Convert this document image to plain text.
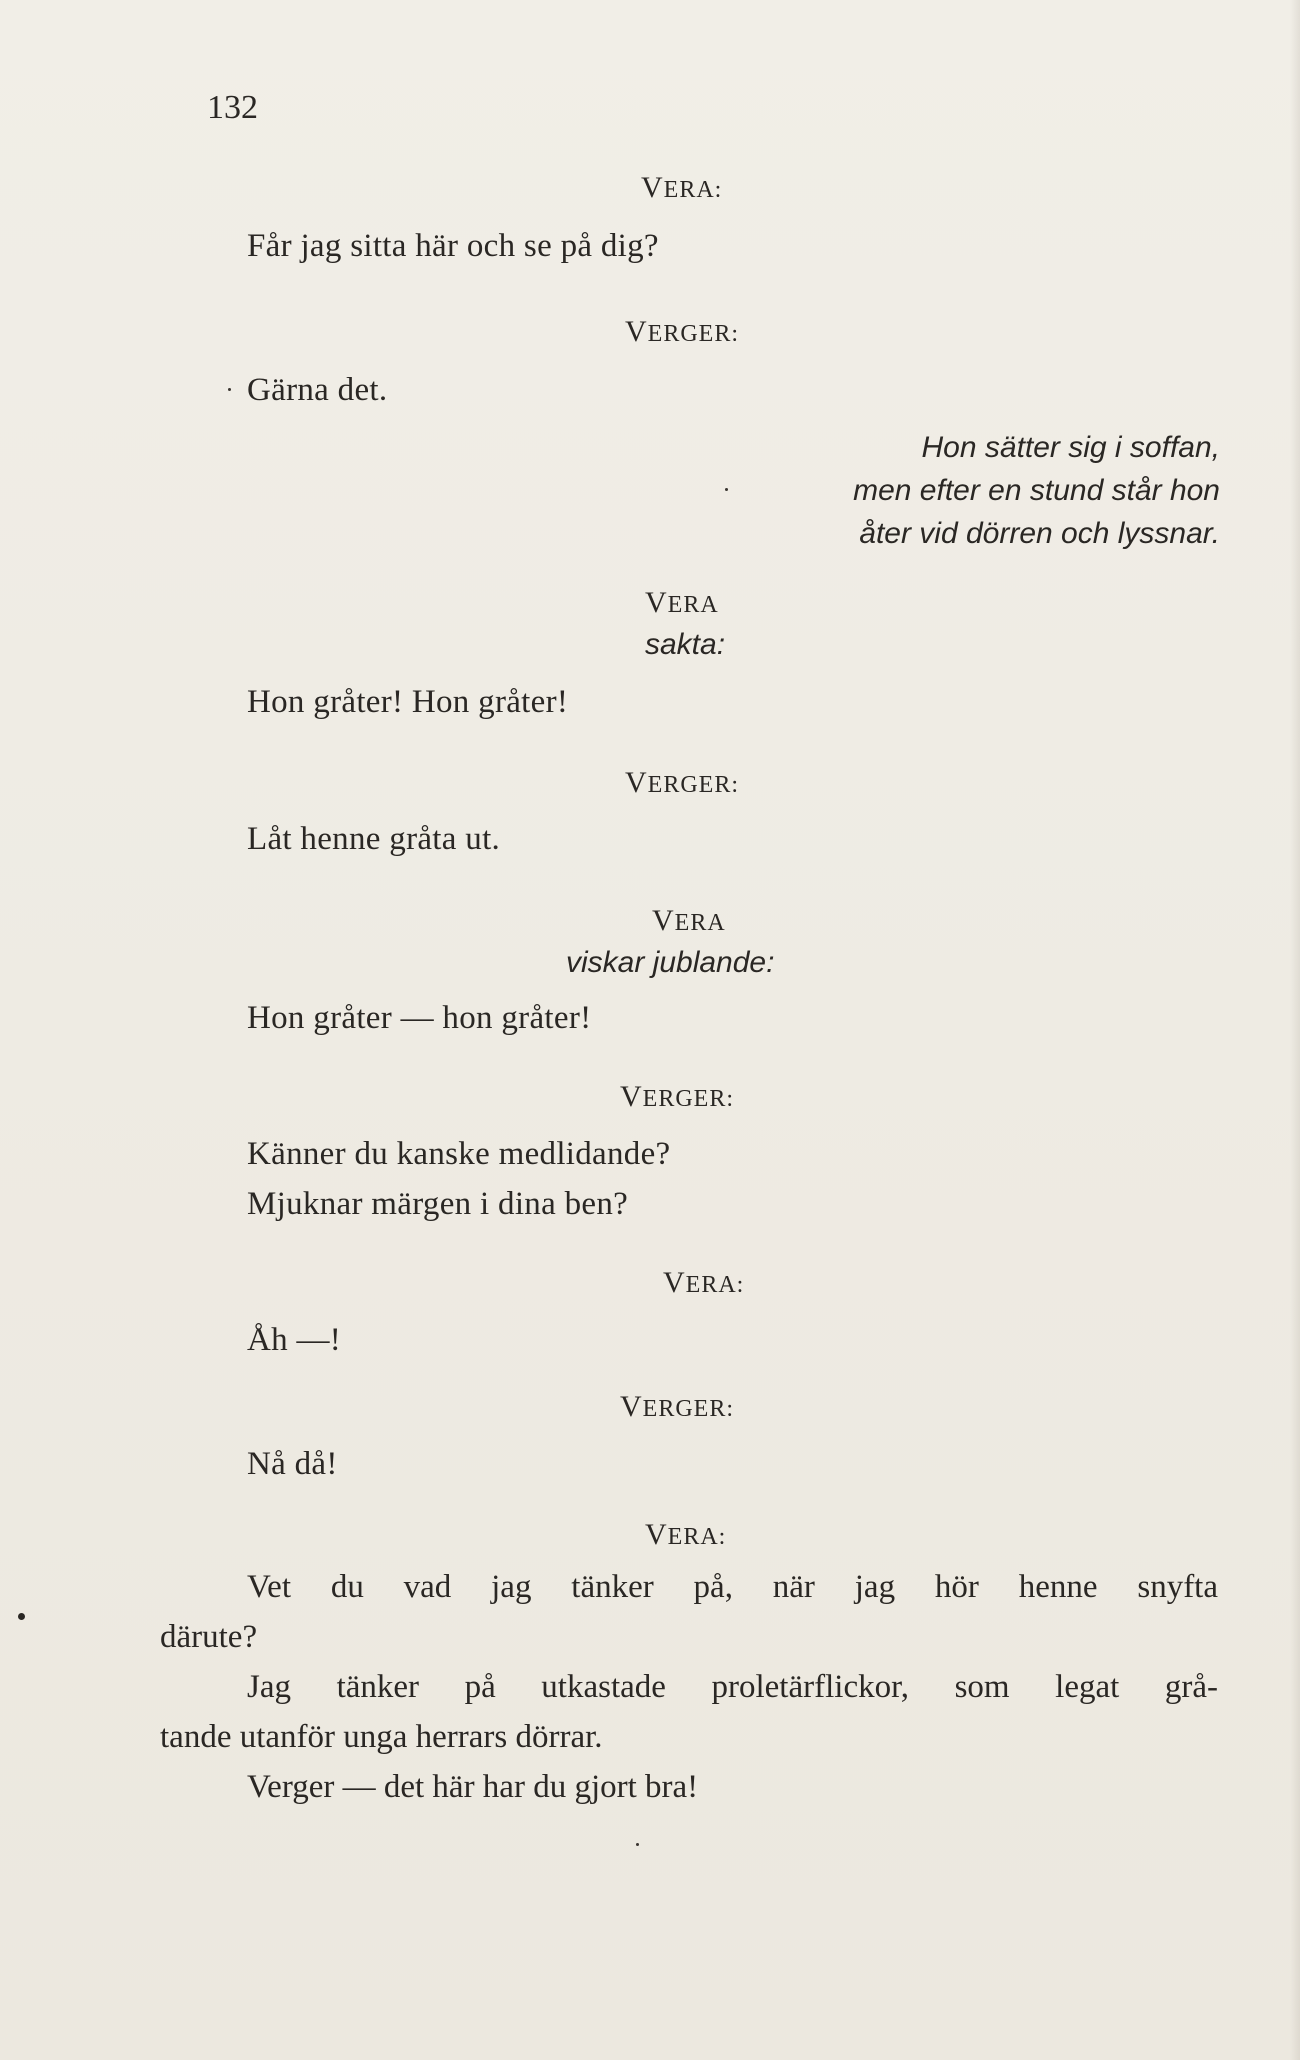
132
VERA:
Får jag sitta här och se på dig?
VERGER:
Gärna det.
Hon sätter sig i soffan,
men efter en stund står hon
åter vid dörren och lyssnar.
VERA
sakta:
Hon gråter! Hon gråter!
VERGER:
Låt henne gråta ut.
VERA
viskar jublande:
Hon gråter — hon gråter!
VERGER:
Känner du kanske medlidande?
Mjuknar märgen i dina ben?
VERA:
Åh —!
VERGER:
Nå då!
VERA:
Vet du vad jag tänker på, när jag hör henne snyfta
därute?
Jag tänker på utkastade proletärflickor, som legat grå-
tande utanför unga herrars dörrar.
Verger — det här har du gjort bra!
